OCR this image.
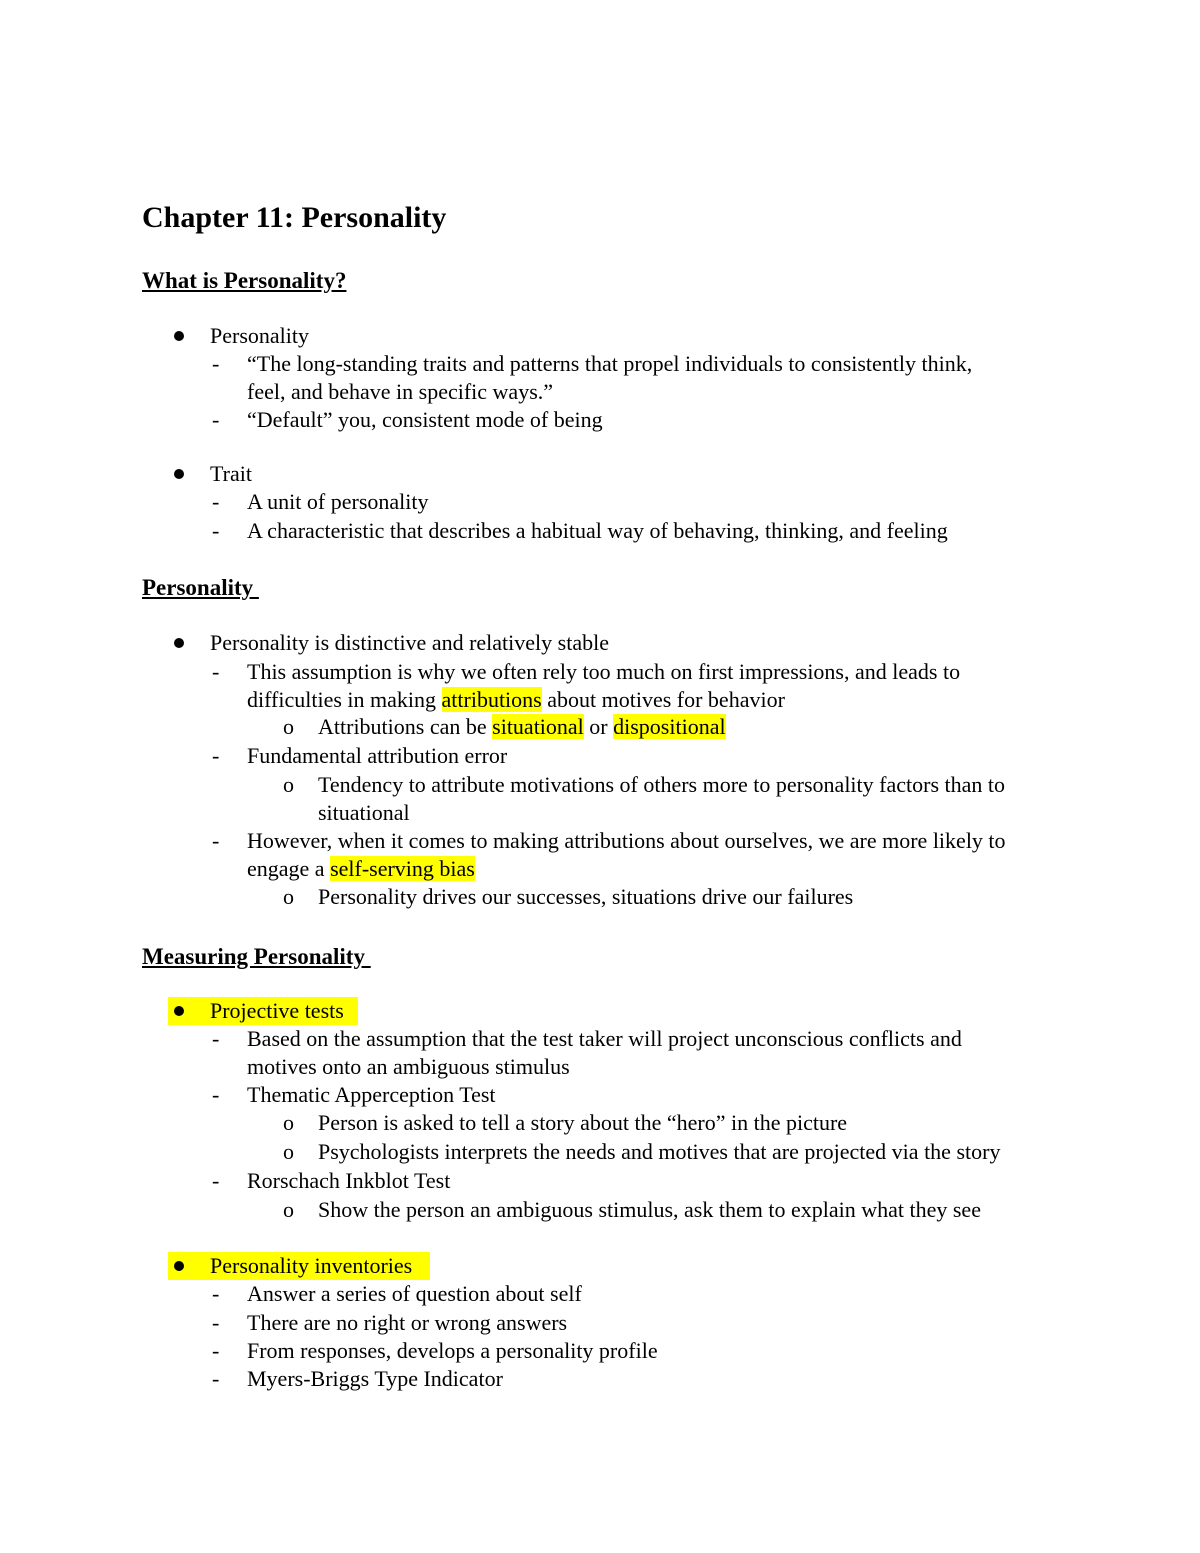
Chapter 11: Personality
What is Personality?
Personality
- “The long-standing traits and patterns that propel individuals to consistently think,
feel, and behave in specific ways.”
- “Default” you, consistent mode of being
Trait
- A unit of personality
- A characteristic that describes a habitual way of behaving, thinking, and feeling
Personality
Personality is distinctive and relatively stable
- This assumption is why we often rely too much on first impressions, and leads to
difficulties in making attributions about motives for behavior
o Attributions can be situational or dispositional
- Fundamental attribution error
o Tendency to attribute motivations of others more to personality factors than to
situational
- However, when it comes to making attributions about ourselves, we are more likely to
engage a self-serving bias
o Personality drives our successes, situations drive our failures
Measuring Personality
Projective tests
- Based on the assumption that the test taker will project unconscious conflicts and
motives onto an ambiguous stimulus
- Thematic Apperception Test
o Person is asked to tell a story about the “hero” in the picture
o Psychologists interprets the needs and motives that are projected via the story
- Rorschach Inkblot Test
o Show the person an ambiguous stimulus, ask them to explain what they see
Personality inventories
- Answer a series of question about self
- There are no right or wrong answers
- From responses, develops a personality profile
- Myers-Briggs Type Indicator
